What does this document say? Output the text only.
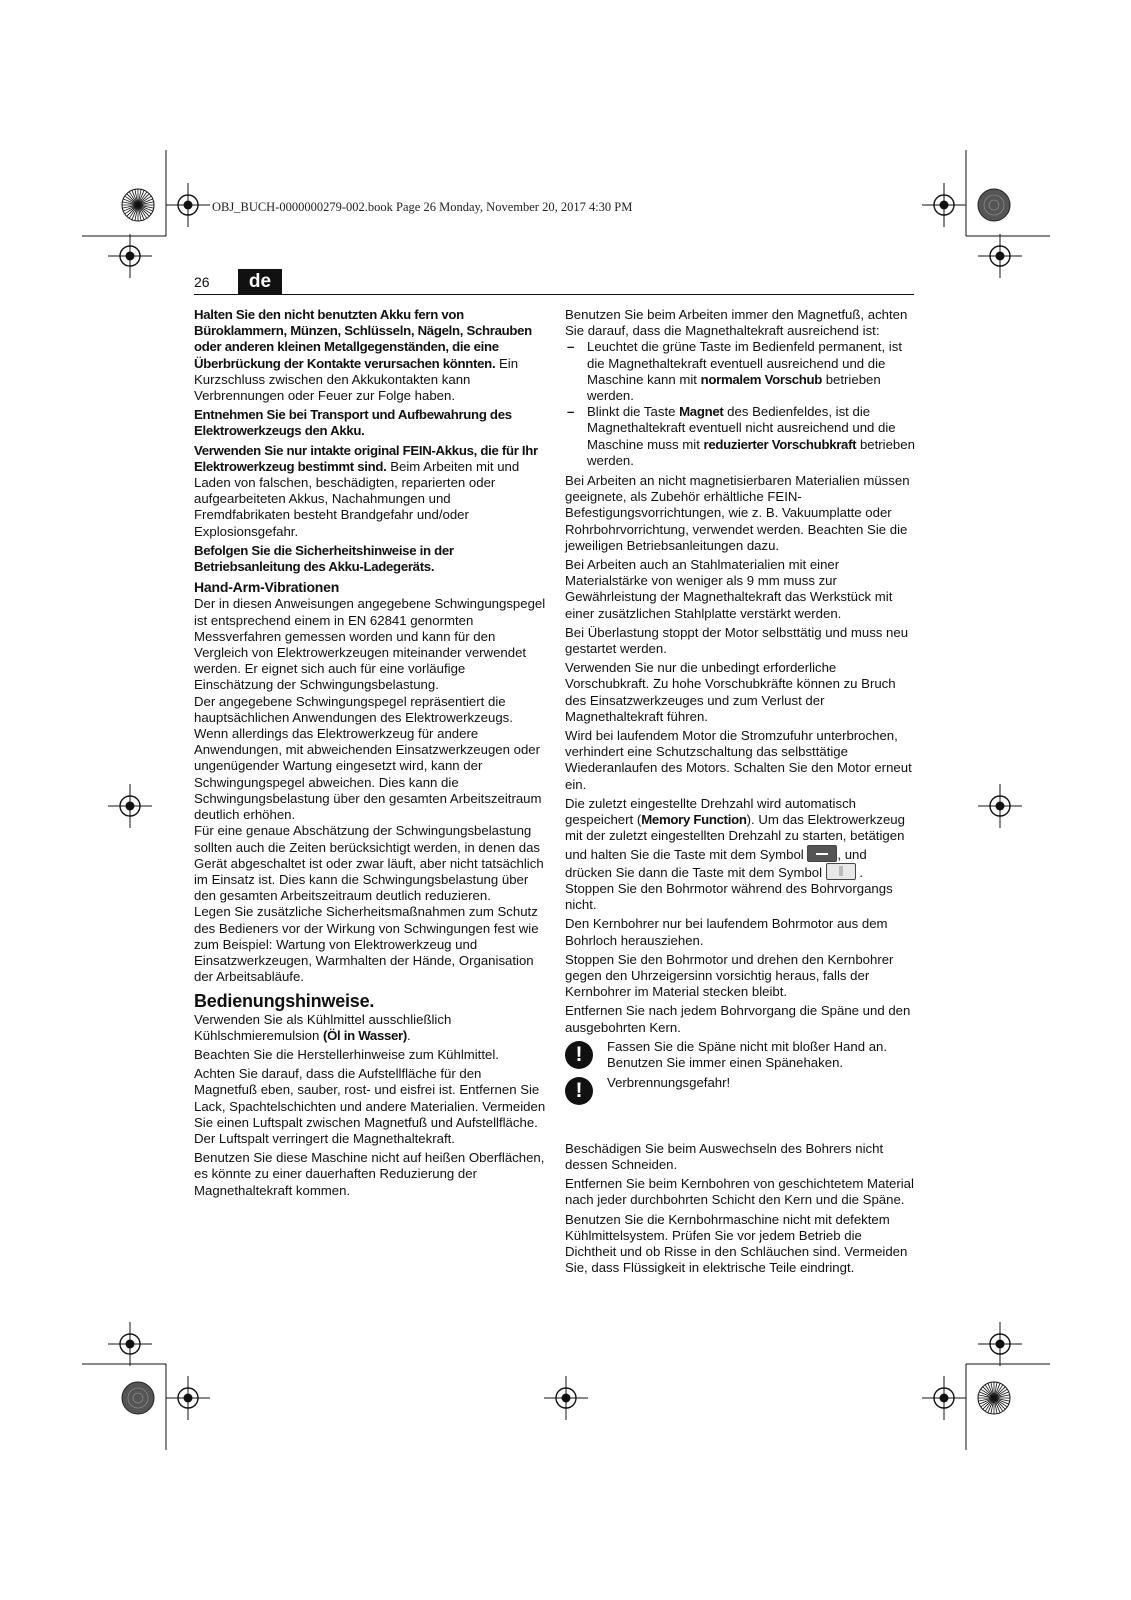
OBJ_BUCH-0000000279-002.book Page 26 Monday, November 20, 2017 4:30 PM
26	de

Halten Sie den nicht benutzten Akku fern von Büroklammern, Münzen, Schlüsseln, Nägeln, Schrauben oder anderen kleinen Metallgegenständen, die eine Überbrückung der Kontakte verursachen könnten. Ein Kurzschluss zwischen den Akkukontakten kann Verbrennungen oder Feuer zur Folge haben.

Entnehmen Sie bei Transport und Aufbewahrung des Elektrowerkzeugs den Akku.

Verwenden Sie nur intakte original FEIN-Akkus, die für Ihr Elektrowerkzeug bestimmt sind. Beim Arbeiten mit und Laden von falschen, beschädigten, reparierten oder aufgearbeiteten Akkus, Nachahmungen und Fremdfabrikaten besteht Brandgefahr und/oder Explosionsgefahr.

Befolgen Sie die Sicherheitshinweise in der Betriebsanleitung des Akku-Ladegeräts.

Hand-Arm-Vibrationen

Der in diesen Anweisungen angegebene Schwingungspegel ist entsprechend einem in EN 62841 genormten Messverfahren gemessen worden und kann für den Vergleich von Elektrowerkzeugen miteinander verwendet werden. Er eignet sich auch für eine vorläufige Einschätzung der Schwingungsbelastung.

Der angegebene Schwingungspegel repräsentiert die hauptsächlichen Anwendungen des Elektrowerkzeugs. Wenn allerdings das Elektrowerkzeug für andere Anwendungen, mit abweichenden Einsatzwerkzeugen oder ungenügender Wartung eingesetzt wird, kann der Schwingungspegel abweichen. Dies kann die Schwingungsbelastung über den gesamten Arbeitszeitraum deutlich erhöhen.

Für eine genaue Abschätzung der Schwingungsbelastung sollten auch die Zeiten berücksichtigt werden, in denen das Gerät abgeschaltet ist oder zwar läuft, aber nicht tatsächlich im Einsatz ist. Dies kann die Schwingungsbelastung über den gesamten Arbeitszeitraum deutlich reduzieren.

Legen Sie zusätzliche Sicherheitsmaßnahmen zum Schutz des Bedieners vor der Wirkung von Schwingungen fest wie zum Beispiel: Wartung von Elektrowerkzeug und Einsatzwerkzeugen, Warmhalten der Hände, Organisation der Arbeitsabläufe.

Bedienungshinweise.

Verwenden Sie als Kühlmittel ausschließlich Kühlschmieremulsion (Öl in Wasser).

Beachten Sie die Herstellerhinweise zum Kühlmittel.

Achten Sie darauf, dass die Aufstellfläche für den Magnetfuß eben, sauber, rost- und eisfrei ist. Entfernen Sie Lack, Spachtelschichten und andere Materialien. Vermeiden Sie einen Luftspalt zwischen Magnetfuß und Aufstellfläche. Der Luftspalt verringert die Magnethaltekraft.

Benutzen Sie diese Maschine nicht auf heißen Oberflächen, es könnte zu einer dauerhaften Reduzierung der Magnethaltekraft kommen.

Benutzen Sie beim Arbeiten immer den Magnetfuß, achten Sie darauf, dass die Magnethaltekraft ausreichend ist:

– Leuchtet die grüne Taste im Bedienfeld permanent, ist die Magnethaltekraft eventuell ausreichend und die Maschine kann mit normalem Vorschub betrieben werden.
– Blinkt die Taste Magnet des Bedienfeldes, ist die Magnethaltekraft eventuell nicht ausreichend und die Maschine muss mit reduzierter Vorschubkraft betrieben werden.

Bei Arbeiten an nicht magnetisierbaren Materialien müssen geeignete, als Zubehör erhältliche FEIN-Befestigungsvorrichtungen, wie z. B. Vakuumplatte oder Rohrbohrvorrichtung, verwendet werden. Beachten Sie die jeweiligen Betriebsanleitungen dazu.

Bei Arbeiten auch an Stahlmaterialien mit einer Materialstärke von weniger als 9 mm muss zur Gewährleistung der Magnethaltekraft das Werkstück mit einer zusätzlichen Stahlplatte verstärkt werden.

Bei Überlastung stoppt der Motor selbsttätig und muss neu gestartet werden.

Verwenden Sie nur die unbedingt erforderliche Vorschubkraft. Zu hohe Vorschubkräfte können zu Bruch des Einsatzwerkzeuges und zum Verlust der Magnethaltekraft führen.

Wird bei laufendem Motor die Stromzufuhr unterbrochen, verhindert eine Schutzschaltung das selbsttätige Wiederanlaufen des Motors. Schalten Sie den Motor erneut ein.

Die zuletzt eingestellte Drehzahl wird automatisch gespeichert (Memory Function). Um das Elektrowerkzeug mit der zuletzt eingestellten Drehzahl zu starten, betätigen und halten Sie die Taste mit dem Symbol , und drücken Sie dann die Taste mit dem Symbol  .

Stoppen Sie den Bohrmotor während des Bohrvorgangs nicht.

Den Kernbohrer nur bei laufendem Bohrmotor aus dem Bohrloch herausziehen.

Stoppen Sie den Bohrmotor und drehen den Kernbohrer gegen den Uhrzeigersinn vorsichtig heraus, falls der Kernbohrer im Material stecken bleibt.

Entfernen Sie nach jedem Bohrvorgang die Späne und den ausgebohrten Kern.

!	Fassen Sie die Späne nicht mit bloßer Hand an. Benutzen Sie immer einen Spänehaken.
!	Verbrennungsgefahr!

Beschädigen Sie beim Auswechseln des Bohrers nicht dessen Schneiden.

Entfernen Sie beim Kernbohren von geschichtetem Material nach jeder durchbohrten Schicht den Kern und die Späne.

Benutzen Sie die Kernbohrmaschine nicht mit defektem Kühlmittelsystem. Prüfen Sie vor jedem Betrieb die Dichtheit und ob Risse in den Schläuchen sind. Vermeiden Sie, dass Flüssigkeit in elektrische Teile eindringt.
